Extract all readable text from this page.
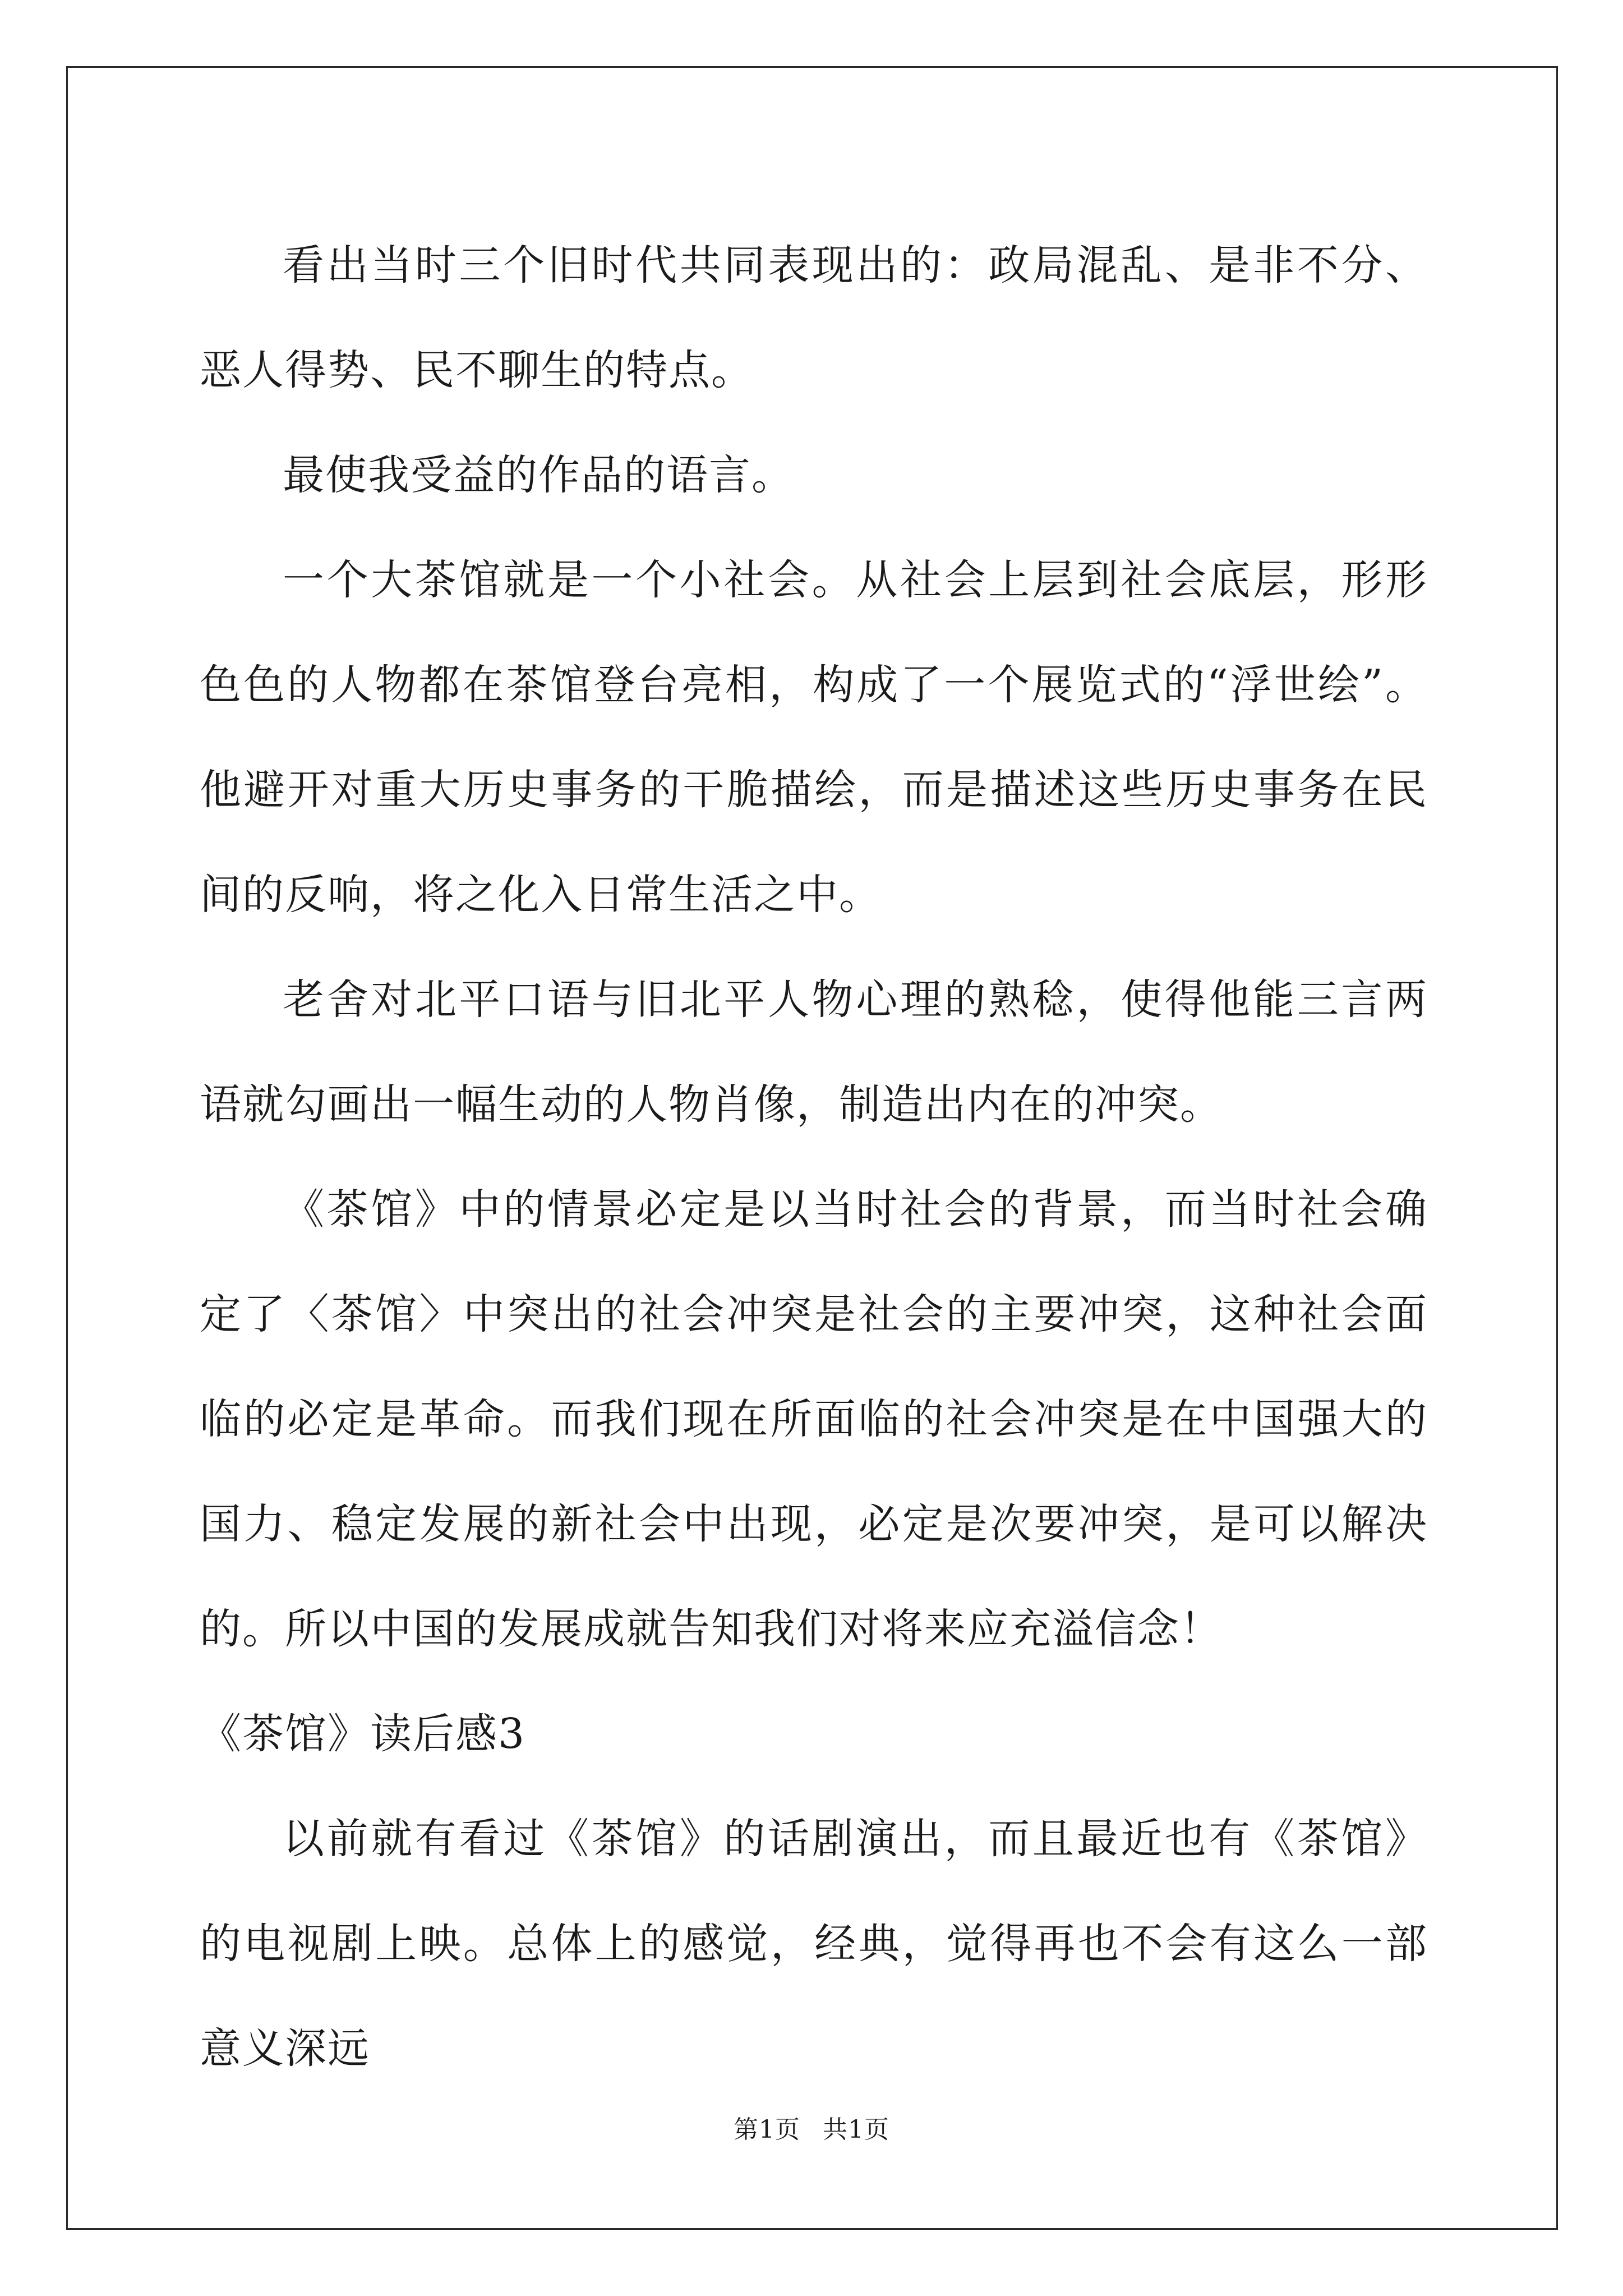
看出当时三个旧时代共同表现出的：政局混乱、是非不分、恶人得势、民不聊生的特点。

最使我受益的作品的语言。

一个大茶馆就是一个小社会。从社会上层到社会底层，形形色色的人物都在茶馆登台亮相，构成了一个展览式的“浮世绘”。他避开对重大历史事务的干脆描绘，而是描述这些历史事务在民间的反响，将之化入日常生活之中。

老舍对北平口语与旧北平人物心理的熟稔，使得他能三言两语就勾画出一幅生动的人物肖像，制造出内在的冲突。

《茶馆》中的情景必定是以当时社会的背景，而当时社会确定了〈茶馆〉中突出的社会冲突是社会的主要冲突，这种社会面临的必定是革命。而我们现在所面临的社会冲突是在中国强大的国力、稳定发展的新社会中出现，必定是次要冲突，是可以解决的。所以中国的发展成就告知我们对将来应充溢信念！

《茶馆》读后感3

以前就有看过《茶馆》的话剧演出，而且最近也有《茶馆》的电视剧上映。总体上的感觉，经典，觉得再也不会有这么一部意义深远

第1页 共1页
